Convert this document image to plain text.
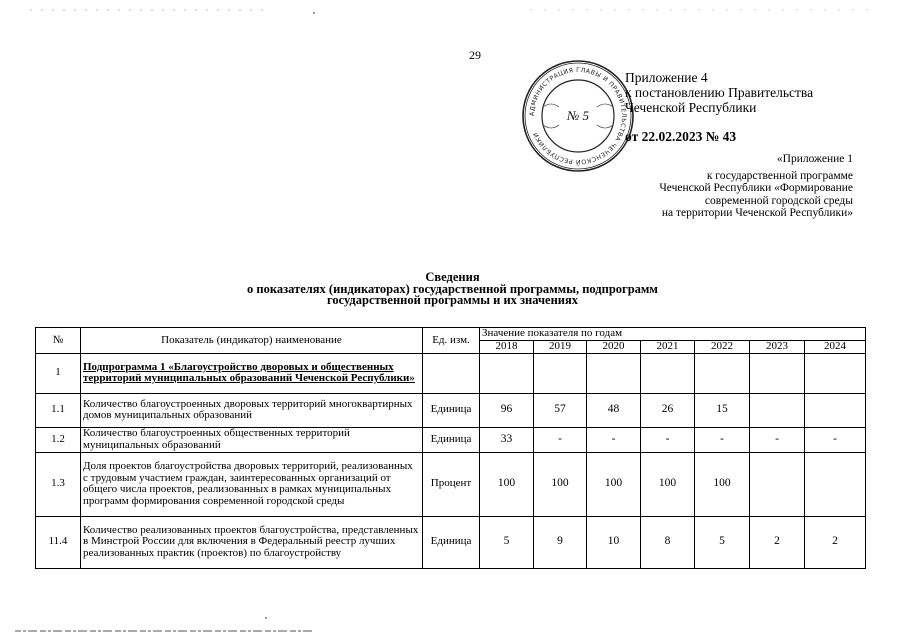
29
АДМИНИСТРАЦИЯ ГЛАВЫ И ПРАВИТЕЛЬСТВА ЧЕЧЕНСКОЙ РЕСПУБЛИКИ
№ 5
Приложение 4
к постановлению Правительства
Чеченской Республики
от 22.02.2023 № 43
«Приложение 1
к государственной программе
Чеченской Республики «Формирование
современной городской среды
на территории Чеченской Республики»
Сведения
о показателях (индикаторах) государственной программы, подпрограмм
государственной программы и их значениях
№	Показатель (индикатор) наименование	Ед. изм.	Значение показателя по годам						
			2018	2019	2020	2021	2022	2023	2024
1	Подпрограмма 1 «Благоустройство дворовых и общественных территорий муниципальных образований Чеченской Республики»								
1.1	Количество благоустроенных дворовых территорий многоквартирных домов муниципальных образований	Единица	96	57	48	26	15		
1.2	Количество благоустроенных общественных территорий муниципальных образований	Единица	33	-	-	-	-	-	-
1.3	Доля проектов благоустройства дворовых территорий, реализованных с трудовым участием граждан, заинтересованных организаций от общего числа проектов, реализованных в рамках муниципальных программ формирования современной городской среды	Процент	100	100	100	100	100		
11.4	Количество реализованных проектов благоустройства, представленных в Минстрой России для включения в Федеральный реестр лучших реализованных практик (проектов) по благоустройству	Единица	5	9	10	8	5	2	2
